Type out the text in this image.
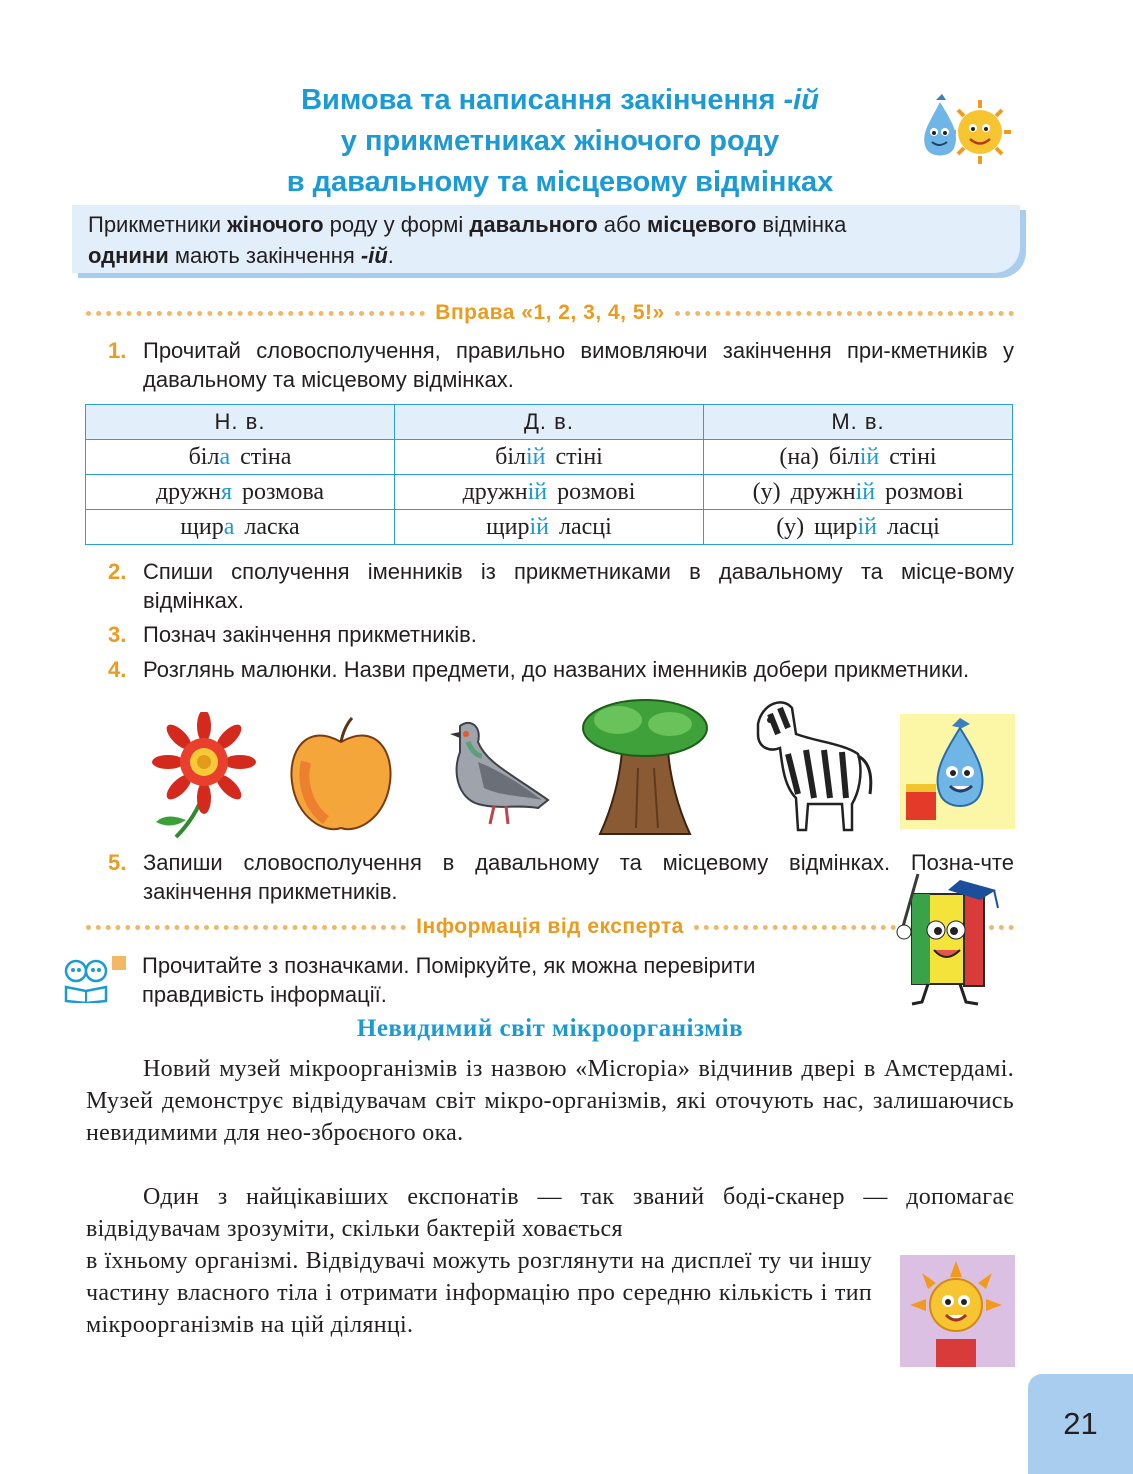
Вимова та написання закінчення -ій
у прикметниках жіночого роду
в давальному та місцевому відмінках
Прикметники жіночого роду у формі давального або місцевого відмінка
однини мають закінчення -ій.
Вправа «1, 2, 3, 4, 5!»
1. Прочитай словосполучення, правильно вимовляючи закінчення при-кметників у давальному та місцевому відмінках.
Н. в.	Д. в.	М. в.
біла стіна	білій стіні	(на) білій стіні
дружня розмова	дружній розмові	(у) дружній розмові
щира ласка	щирій ласці	(у) щирій ласці
2. Спиши сполучення іменників із прикметниками в давальному та місце-вому відмінках.
3. Познач закінчення прикметників.
4. Розглянь малюнки. Назви предмети, до названих іменників добери прикметники.
5. Запиши словосполучення в давальному та місцевому відмінках. Позна-чте закінчення прикметників.
Інформація від експерта
Прочитайте з позначками. Поміркуйте, як можна перевірити правдивість інформації.
Невидимий світ мікроорганізмів
Новий музей мікроорганізмів із назвою «Micropia» відчинив двері в Амстердамі. Музей демонструє відвідувачам світ мікро-організмів, які оточують нас, залишаючись невидимими для нео-зброєного ока.
Один з найцікавіших експонатів — так званий боді-сканер — допомагає відвідувачам зрозуміти, скільки бактерій ховається
в їхньому організмі. Відвідувачі можуть розглянути на дисплеї ту чи іншу частину власного тіла і отримати інформацію про середню кількість і тип мікроорганізмів на цій ділянці.
21
